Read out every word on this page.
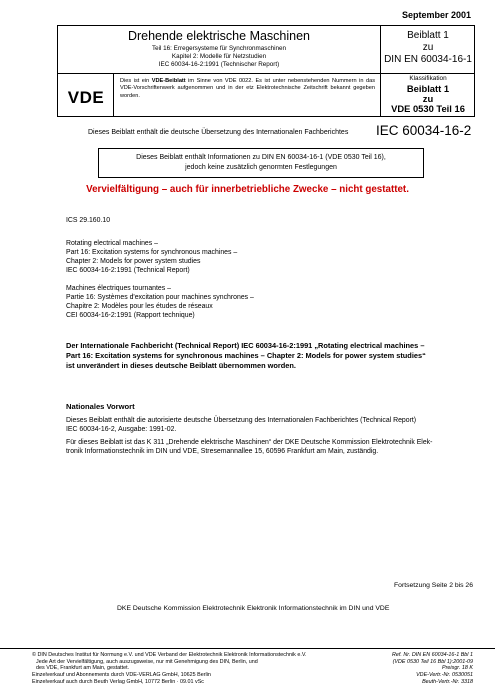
September 2001
Drehende elektrische Maschinen
Teil 16: Erregersysteme für Synchronmaschinen
Kapitel 2: Modelle für Netzstudien
IEC 60034-16-2:1991 (Technischer Report)
VDE
Dies ist ein VDE-Beiblatt im Sinne von VDE 0022. Es ist unter nebenstehenden Nummern in das VDE-Vorschriftenwerk aufgenommen und in der etz Elektrotechnische Zeitschrift bekannt gegeben worden.
Beiblatt 1
zu
DIN EN 60034-16-1
Klassifikation
Beiblatt 1
zu
VDE 0530 Teil 16
Dieses Beiblatt enthält die deutsche Übersetzung des Internationalen Fachberichtes IEC 60034-16-2
Dieses Beiblatt enthält Informationen zu DIN EN 60034-16-1 (VDE 0530 Teil 16),
jedoch keine zusätzlich genormten Festlegungen
Vervielfältigung – auch für innerbetriebliche Zwecke – nicht gestattet.
ICS 29.160.10
Rotating electrical machines –
Part 16: Excitation systems for synchronous machines –
Chapter 2: Models for power system studies
IEC 60034-16-2:1991 (Technical Report)
Machines électriques tournantes –
Partie 16: Systèmes d'excitation pour machines synchrones –
Chapitre 2: Modèles pour les études de réseaux
CEI 60034-16-2:1991 (Rapport technique)
Der Internationale Fachbericht (Technical Report) IEC 60034-16-2:1991 „Rotating electrical machines –
Part 16: Excitation systems for synchronous machines – Chapter 2: Models for power system studies“
ist unverändert in dieses deutsche Beiblatt übernommen worden.
Nationales Vorwort
Dieses Beiblatt enthält die autorisierte deutsche Übersetzung des Internationalen Fachberichtes (Technical Report)
IEC 60034-16-2, Ausgabe: 1991-02.
Für dieses Beiblatt ist das K 311 „Drehende elektrische Maschinen“ der DKE Deutsche Kommission Elektrotechnik Elek-
tronik Informationstechnik im DIN und VDE, Stresemannallee 15, 60596 Frankfurt am Main, zuständig.
Fortsetzung Seite 2 bis 26
DKE Deutsche Kommission Elektrotechnik Elektronik Informationstechnik im DIN und VDE
© DIN Deutsches Institut für Normung e.V. und VDE Verband der Elektrotechnik Elektronik Informationstechnik e.V.
Jede Art der Vervielfältigung, auch auszugsweise, nur mit Genehmigung des DIN, Berlin, und
des VDE, Frankfurt am Main, gestattet.
Einzelverkauf und Abonnements durch VDE-VERLAG GmbH, 10625 Berlin
Einzelverkauf auch durch Beuth Verlag GmbH, 10772 Berlin · 09.01 vSc
Ref. Nr. DIN EN 60034-16-1 Bbl 1
(VDE 0530 Teil 16 Bbl 1):2001-09
Preisgr. 18 K
VDE-Vertr.-Nr. 0530051
Beuth-Vertr.-Nr. 3318
